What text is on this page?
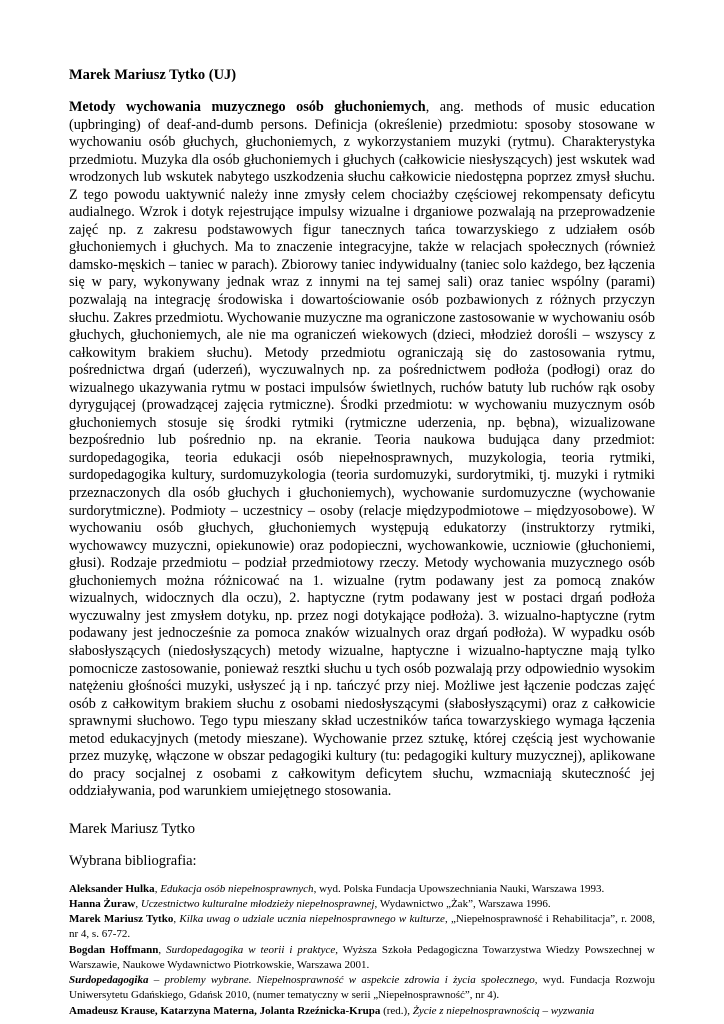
Marek Mariusz Tytko (UJ)

Metody wychowania muzycznego osób głuchoniemych, ang. methods of music education (upbringing) of deaf-and-dumb persons. Definicja (określenie) przedmiotu: sposoby stosowane w wychowaniu osób głuchych, głuchoniemych, z wykorzystaniem muzyki (rytmu). Charakterystyka przedmiotu. Muzyka dla osób głuchoniemych i głuchych (całkowicie niesłyszących) jest wskutek wad wrodzonych lub wskutek nabytego uszkodzenia słuchu całkowicie niedostępna poprzez zmysł słuchu. Z tego powodu uaktywnić należy inne zmysły celem chociażby częściowej rekompensaty deficytu audialnego. Wzrok i dotyk rejestrujące impulsy wizualne i drganiowe pozwalają na przeprowadzenie zajęć np. z zakresu podstawowych figur tanecznych tańca towarzyskiego z udziałem osób głuchoniemych i głuchych. Ma to znaczenie integracyjne, także w relacjach społecznych (również damsko-męskich – taniec w parach). Zbiorowy taniec indywidualny (taniec solo każdego, bez łączenia się w pary, wykonywany jednak wraz z innymi na tej samej sali) oraz taniec wspólny (parami) pozwalają na integrację środowiska i dowartościowanie osób pozbawionych z różnych przyczyn słuchu. Zakres przedmiotu. Wychowanie muzyczne ma ograniczone zastosowanie w wychowaniu osób głuchych, głuchoniemych, ale nie ma ograniczeń wiekowych (dzieci, młodzież dorośli – wszyscy z całkowitym brakiem słuchu). Metody przedmiotu ograniczają się do zastosowania rytmu, pośrednictwa drgań (uderzeń), wyczuwalnych np. za pośrednictwem podłoża (podłogi) oraz do wizualnego ukazywania rytmu w postaci impulsów świetlnych, ruchów batuty lub ruchów rąk osoby dyrygującej (prowadzącej zajęcia rytmiczne). Środki przedmiotu: w wychowaniu muzycznym osób głuchoniemych stosuje się środki rytmiki (rytmiczne uderzenia, np. bębna), wizualizowane bezpośrednio lub pośrednio np. na ekranie. Teoria naukowa budująca dany przedmiot: surdopedagogika, teoria edukacji osób niepełnosprawnych, muzykologia, teoria rytmiki, surdopedagogika kultury, surdomuzykologia (teoria surdomuzyki, surdorytmiki, tj. muzyki i rytmiki przeznaczonych dla osób głuchych i głuchoniemych), wychowanie surdomuzyczne (wychowanie surdorytmiczne). Podmioty – uczestnicy – osoby (relacje międzypodmiotowe – międzyosobowe). W wychowaniu osób głuchych, głuchoniemych występują edukatorzy (instruktorzy rytmiki, wychowawcy muzyczni, opiekunowie) oraz podopieczni, wychowankowie, uczniowie (głuchoniemi, głusi). Rodzaje przedmiotu – podział przedmiotowy rzeczy. Metody wychowania muzycznego osób głuchoniemych można różnicować na 1. wizualne (rytm podawany jest za pomocą znaków wizualnych, widocznych dla oczu), 2. haptyczne (rytm podawany jest w postaci drgań podłoża wyczuwalny jest zmysłem dotyku, np. przez nogi dotykające podłoża). 3. wizualno-haptyczne (rytm podawany jest jednocześnie za pomoca znaków wizualnych oraz drgań podłoża). W wypadku osób słabosłyszących (niedosłyszących) metody wizualne, haptyczne i wizualno-haptyczne mają tylko pomocnicze zastosowanie, ponieważ resztki słuchu u tych osób pozwalają przy odpowiednio wysokim natężeniu głośności muzyki, usłyszeć ją i np. tańczyć przy niej. Możliwe jest łączenie podczas zajęć osób z całkowitym brakiem słuchu z osobami niedosłyszącymi (słabosłyszącymi) oraz z całkowicie sprawnymi słuchowo. Tego typu mieszany skład uczestników tańca towarzyskiego wymaga łączenia metod edukacyjnych (metody mieszane). Wychowanie przez sztukę, której częścią jest wychowanie przez muzykę, włączone w obszar pedagogiki kultury (tu: pedagogiki kultury muzycznej), aplikowane do pracy socjalnej z osobami z całkowitym deficytem słuchu, wzmacniają skuteczność jej oddziaływania, pod warunkiem umiejętnego stosowania.

Marek Mariusz Tytko
Wybrana bibliografia:

Aleksander Hulka, Edukacja osób niepełnosprawnych, wyd. Polska Fundacja Upowszechniania Nauki, Warszawa 1993.

Hanna Żuraw, Uczestnictwo kulturalne młodzieży niepełnosprawnej, Wydawnictwo „Żak”, Warszawa 1996.

Marek Mariusz Tytko, Kilka uwag o udziale ucznia niepełnosprawnego w kulturze, „Niepełnosprawność i Rehabilitacja”, r. 2008, nr 4, s. 67-72.

Bogdan Hoffmann, Surdopedagogika w teorii i praktyce, Wyższa Szkoła Pedagogiczna Towarzystwa Wiedzy Powszechnej w Warszawie, Naukowe Wydawnictwo Piotrkowskie, Warszawa 2001.

Surdopedagogika – problemy wybrane. Niepełnosprawność w aspekcie zdrowia i życia społecznego, wyd. Fundacja Rozwoju Uniwersytetu Gdańskiego, Gdańsk 2010, (numer tematyczny w serii „Niepełnosprawność”, nr 4).

Amadeusz Krause, Katarzyna Materna, Jolanta Rzeźnicka-Krupa (red.), Życie z niepełnosprawnością – wyzwania
